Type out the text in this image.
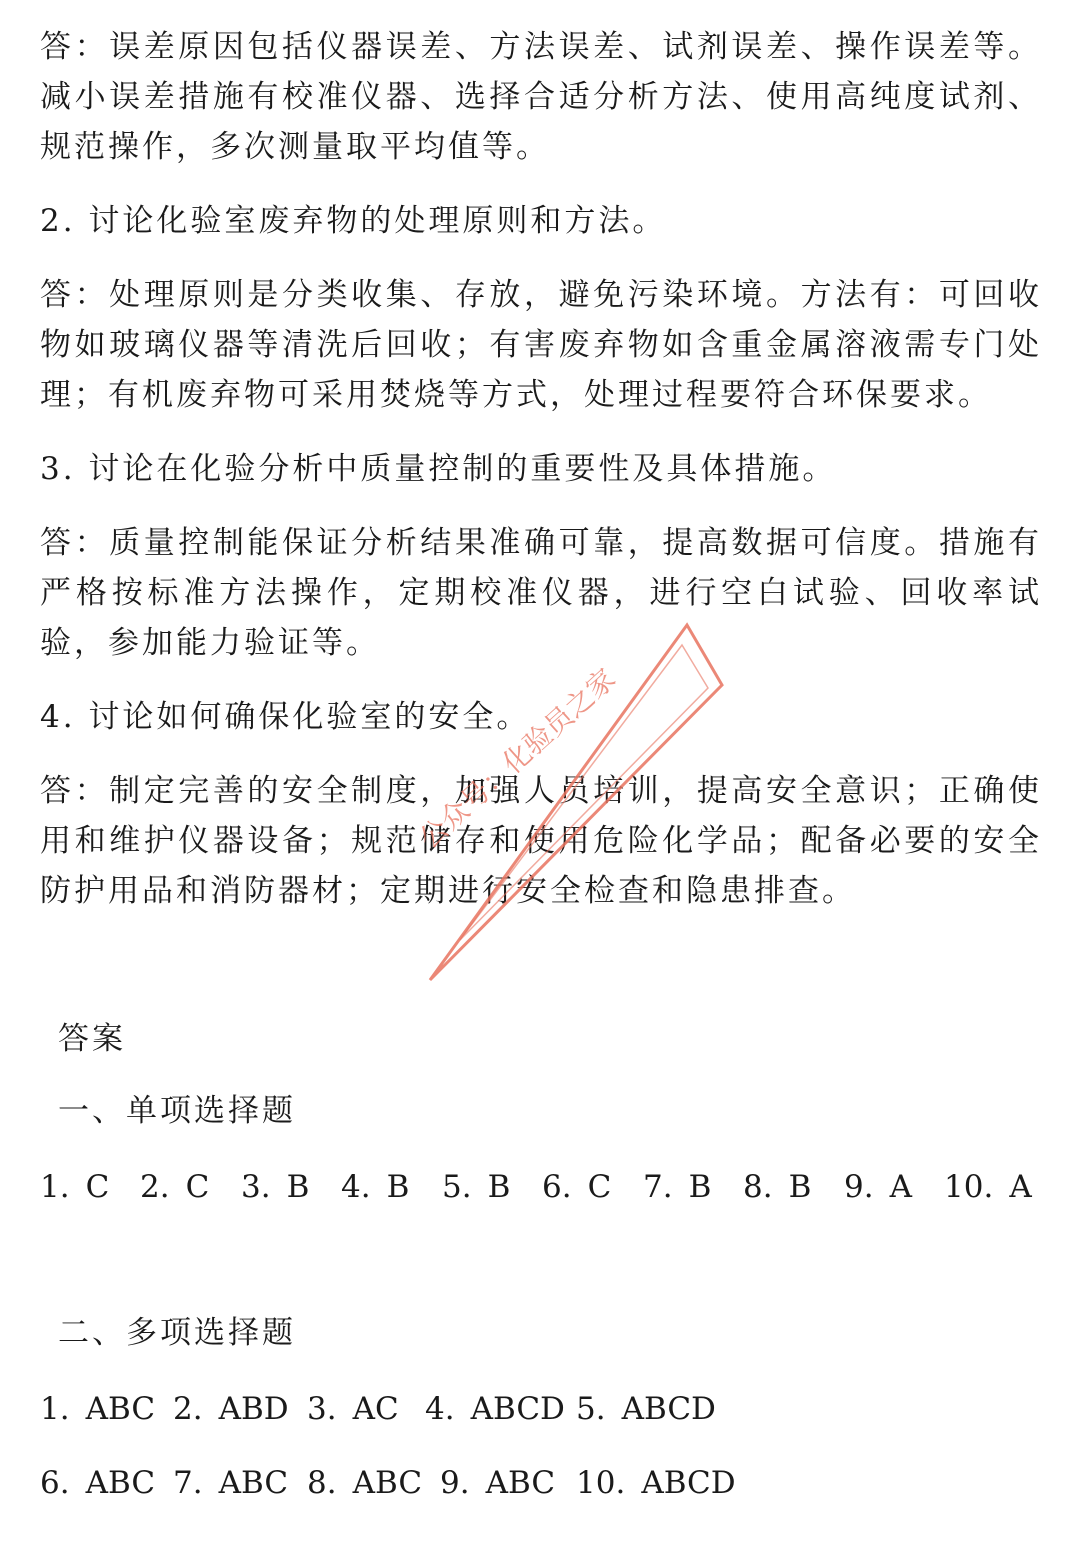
答：误差原因包括仪器误差、方法误差、试剂误差、操作误差等。减小误差措施有校准仪器、选择合适分析方法、使用高纯度试剂、规范操作，多次测量取平均值等。

2. 讨论化验室废弃物的处理原则和方法。

答：处理原则是分类收集、存放，避免污染环境。方法有：可回收物如玻璃仪器等清洗后回收；有害废弃物如含重金属溶液需专门处理；有机废弃物可采用焚烧等方式，处理过程要符合环保要求。

3. 讨论在化验分析中质量控制的重要性及具体措施。

答：质量控制能保证分析结果准确可靠，提高数据可信度。措施有严格按标准方法操作，定期校准仪器，进行空白试验、回收率试验，参加能力验证等。

4. 讨论如何确保化验室的安全。

答：制定完善的安全制度，加强人员培训，提高安全意识；正确使用和维护仪器设备；规范储存和使用危险化学品；配备必要的安全防护用品和消防器材；定期进行安全检查和隐患排查。

答案

一、单项选择题

1. C 2. C 3. B 4. B 5. B 6. C 7. B 8. B 9. A 10. A

二、多项选择题

1. ABC 2. ABD 3. AC 4. ABCD 5. ABCD
6. ABC 7. ABC 8. ABC 9. ABC 10. ABCD
公众号：化验员之家
